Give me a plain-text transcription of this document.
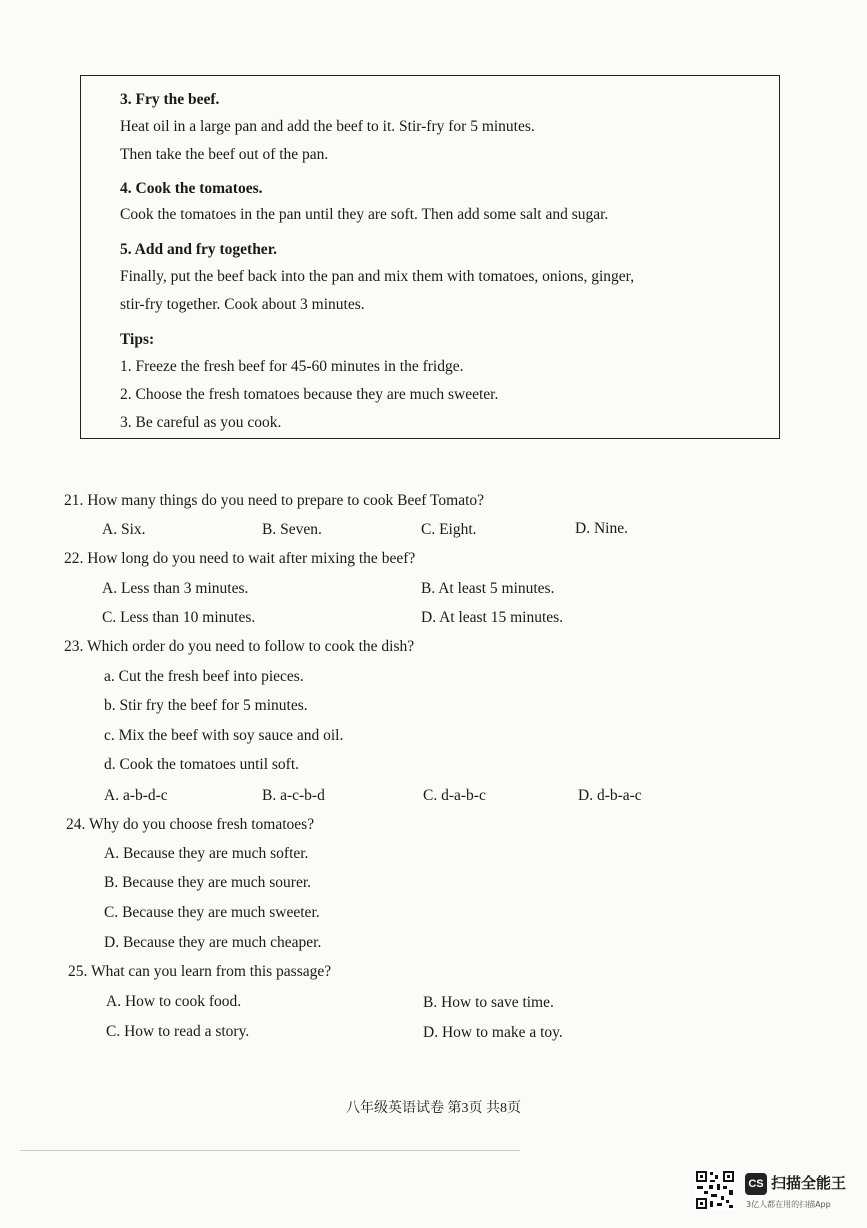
3. Fry the beef.
Heat oil in a large pan and add the beef to it. Stir-fry for 5 minutes.
Then take the beef out of the pan.
4. Cook the tomatoes.
Cook the tomatoes in the pan until they are soft. Then add some salt and sugar.
5. Add and fry together.
Finally, put the beef back into the pan and mix them with tomatoes, onions, ginger,
stir-fry together. Cook about 3 minutes.
Tips:
1. Freeze the fresh beef for 45-60 minutes in the fridge.
2. Choose the fresh tomatoes because they are much sweeter.
3. Be careful as you cook.
21. How many things do you need to prepare to cook Beef Tomato?
A. Six.	B. Seven.	C. Eight.	D. Nine.
22. How long do you need to wait after mixing the beef?
A. Less than 3 minutes.	B. At least 5 minutes.
C. Less than 10 minutes.	D. At least 15 minutes.
23. Which order do you need to follow to cook the dish?
a. Cut the fresh beef into pieces.
b. Stir fry the beef for 5 minutes.
c. Mix the beef with soy sauce and oil.
d. Cook the tomatoes until soft.
A. a-b-d-c	B. a-c-b-d	C. d-a-b-c	D. d-b-a-c
24. Why do you choose fresh tomatoes?
A. Because they are much softer.
B. Because they are much sourer.
C. Because they are much sweeter.
D. Because they are much cheaper.
25. What can you learn from this passage?
A. How to cook food.	B. How to save time.
C. How to read a story.	D. How to make a toy.
八年级英语试卷 第3页 共8页
CS 扫描全能王
3亿人都在用的扫描App
